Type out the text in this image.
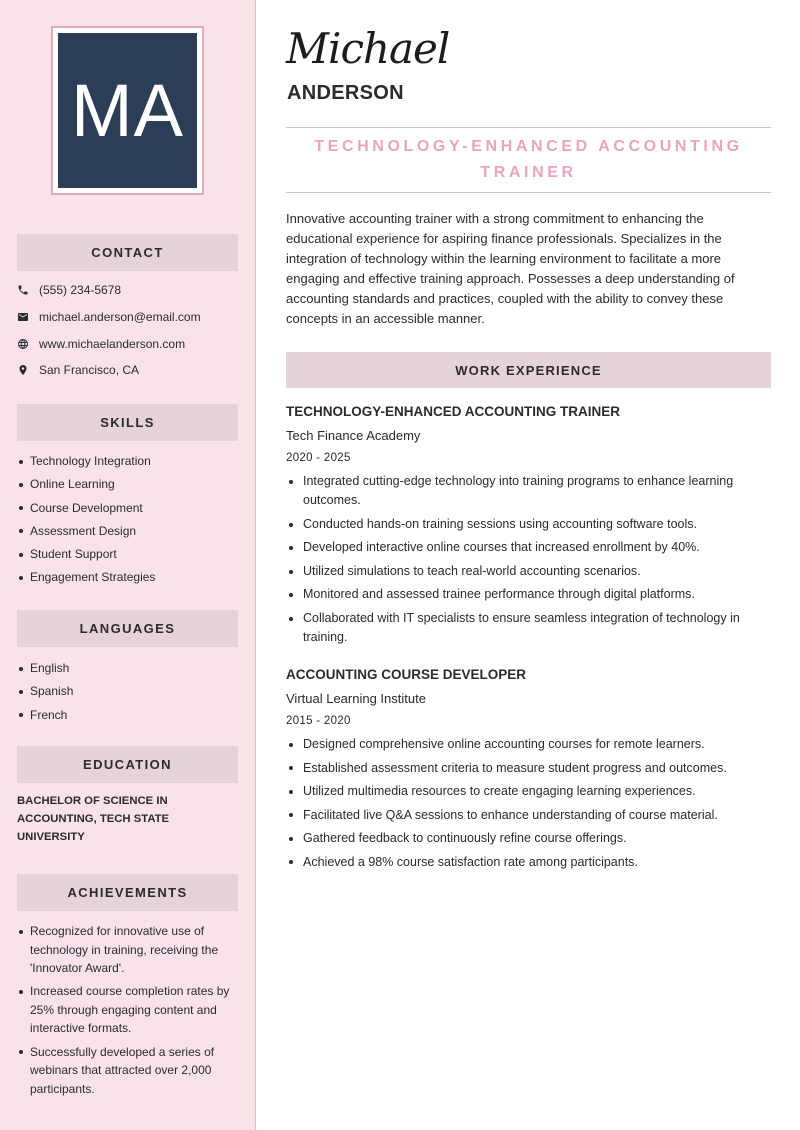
MA
CONTACT
(555) 234-5678
michael.anderson@email.com
www.michaelanderson.com
San Francisco, CA
SKILLS
Technology Integration
Online Learning
Course Development
Assessment Design
Student Support
Engagement Strategies
LANGUAGES
English
Spanish
French
EDUCATION
BACHELOR OF SCIENCE IN ACCOUNTING, TECH STATE UNIVERSITY
ACHIEVEMENTS
Recognized for innovative use of technology in training, receiving the 'Innovator Award'.
Increased course completion rates by 25% through engaging content and interactive formats.
Successfully developed a series of webinars that attracted over 2,000 participants.
Michael
ANDERSON
TECHNOLOGY-ENHANCED ACCOUNTING TRAINER
Innovative accounting trainer with a strong commitment to enhancing the educational experience for aspiring finance professionals. Specializes in the integration of technology within the learning environment to facilitate a more engaging and effective training approach. Possesses a deep understanding of accounting standards and practices, coupled with the ability to convey these concepts in an accessible manner.
WORK EXPERIENCE
TECHNOLOGY-ENHANCED ACCOUNTING TRAINER
Tech Finance Academy
2020 - 2025
Integrated cutting-edge technology into training programs to enhance learning outcomes.
Conducted hands-on training sessions using accounting software tools.
Developed interactive online courses that increased enrollment by 40%.
Utilized simulations to teach real-world accounting scenarios.
Monitored and assessed trainee performance through digital platforms.
Collaborated with IT specialists to ensure seamless integration of technology in training.
ACCOUNTING COURSE DEVELOPER
Virtual Learning Institute
2015 - 2020
Designed comprehensive online accounting courses for remote learners.
Established assessment criteria to measure student progress and outcomes.
Utilized multimedia resources to create engaging learning experiences.
Facilitated live Q&A sessions to enhance understanding of course material.
Gathered feedback to continuously refine course offerings.
Achieved a 98% course satisfaction rate among participants.
